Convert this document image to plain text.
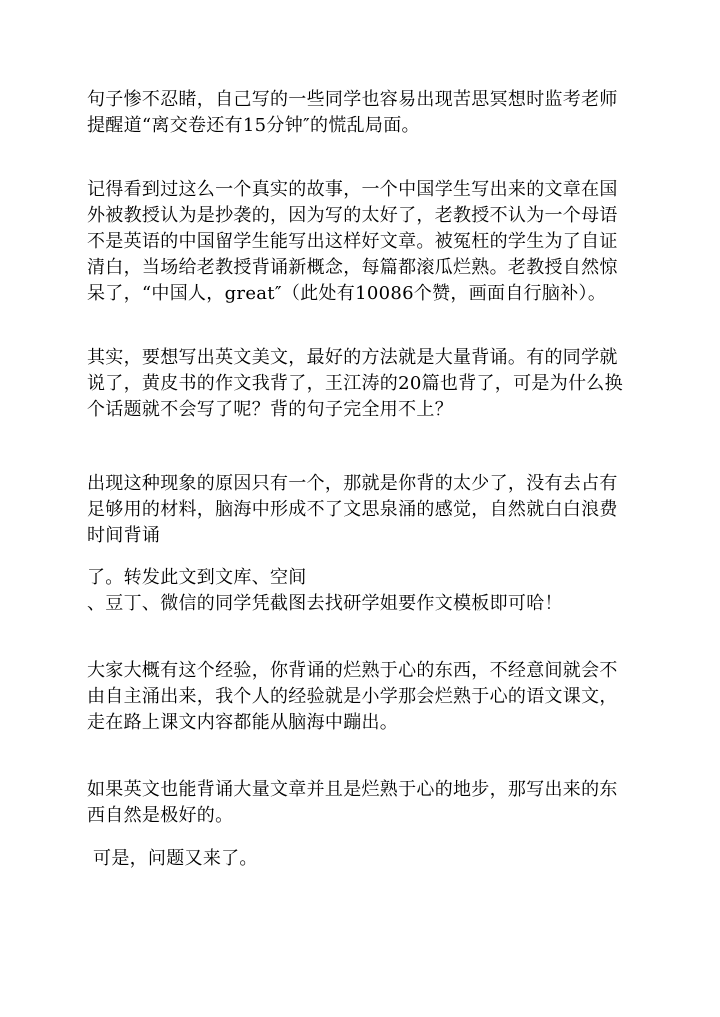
句子惨不忍睹，自己写的一些同学也容易出现苦思冥想时监考老师
提醒道“离交卷还有15分钟″的慌乱局面。
记得看到过这么一个真实的故事，一个中国学生写出来的文章在国
外被教授认为是抄袭的，因为写的太好了，老教授不认为一个母语
不是英语的中国留学生能写出这样好文章。被冤枉的学生为了自证
清白，当场给老教授背诵新概念，每篇都滚瓜烂熟。老教授自然惊
呆了，“中国人，great″（此处有10086个赞，画面自行脑补）。
其实，要想写出英文美文，最好的方法就是大量背诵。有的同学就
说了，黄皮书的作文我背了，王江涛的20篇也背了，可是为什么换
个话题就不会写了呢？背的句子完全用不上？
出现这种现象的原因只有一个，那就是你背的太少了，没有去占有
足够用的材料，脑海中形成不了文思泉涌的感觉，自然就白白浪费
时间背诵
了。转发此文到文库、空间
、豆丁、微信的同学凭截图去找研学姐要作文模板即可哈！
大家大概有这个经验，你背诵的烂熟于心的东西，不经意间就会不
由自主涌出来，我个人的经验就是小学那会烂熟于心的语文课文，
走在路上课文内容都能从脑海中蹦出。
如果英文也能背诵大量文章并且是烂熟于心的地步，那写出来的东
西自然是极好的。
可是，问题又来了。
